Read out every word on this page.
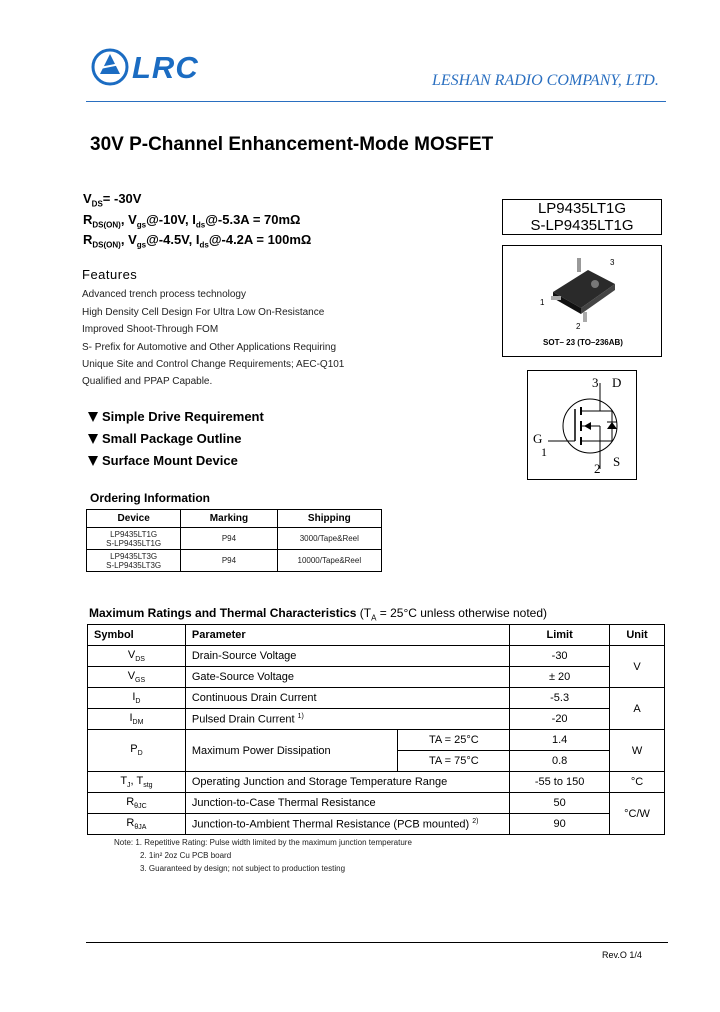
LRC	LESHAN RADIO COMPANY, LTD.
30V P-Channel Enhancement-Mode MOSFET
$V_{DS}= -30V$
$R_{DS(ON)}$, $V_{gs}@-10V$, $I_{ds}@-5.3A = 70m\Omega$
$R_{DS(ON)}$, $V_{gs}@-4.5V$, $I_{ds}@-4.2A = 100m\Omega$
LP9435LT1G
S-LP9435LT1G
3
1
2
SOT– 23 (TO–236AB)
3 D
G
1
2 S
Features
Advanced trench process technology
High Density Cell Design For Ultra Low On-Resistance
Improved Shoot-Through FOM
S- Prefix for Automotive and Other Applications Requiring
Unique Site and Control Change Requirements; AEC-Q101
Qualified and PPAP Capable.
Simple Drive Requirement
Small Package Outline
Surface Mount Device
Ordering Information
Device	Marking	Shipping

LP9435LT1G
S-LP9435LT1G	P94	3000/Tape&Reel

LP9435LT3G
S-LP9435LT3G	P94	10000/Tape&Reel
Maximum Ratings and Thermal Characteristics ($T_A = 25^\circ C$ unless otherwise noted)
Symbol	Parameter		Limit	Unit
$V_{DS}$	Drain-Source Voltage		-30	V
$V_{GS}$	Gate-Source Voltage		± 20	
$I_D$	Continuous Drain Current		-5.3	A
$I_{DM}$	Pulsed Drain Current $^{1)}$		-20	
$P_D$	Maximum Power Dissipation	TA = 25°C	1.4	W
		TA = 75°C	0.8	
$T_J$, $T_{stg}$	Operating Junction and Storage Temperature Range		-55 to 150	°C
$R_{\theta JC}$	Junction-to-Case Thermal Resistance		50	°C/W
$R_{\theta JA}$	Junction-to-Ambient Thermal Resistance (PCB mounted) $^{2)}$		90	
Note: 1. Repetitive Rating: Pulse width limited by the maximum junction temperature
2. 1in² 2oz Cu PCB board
3. Guaranteed by design; not subject to production testing
Rev.O 1/4
